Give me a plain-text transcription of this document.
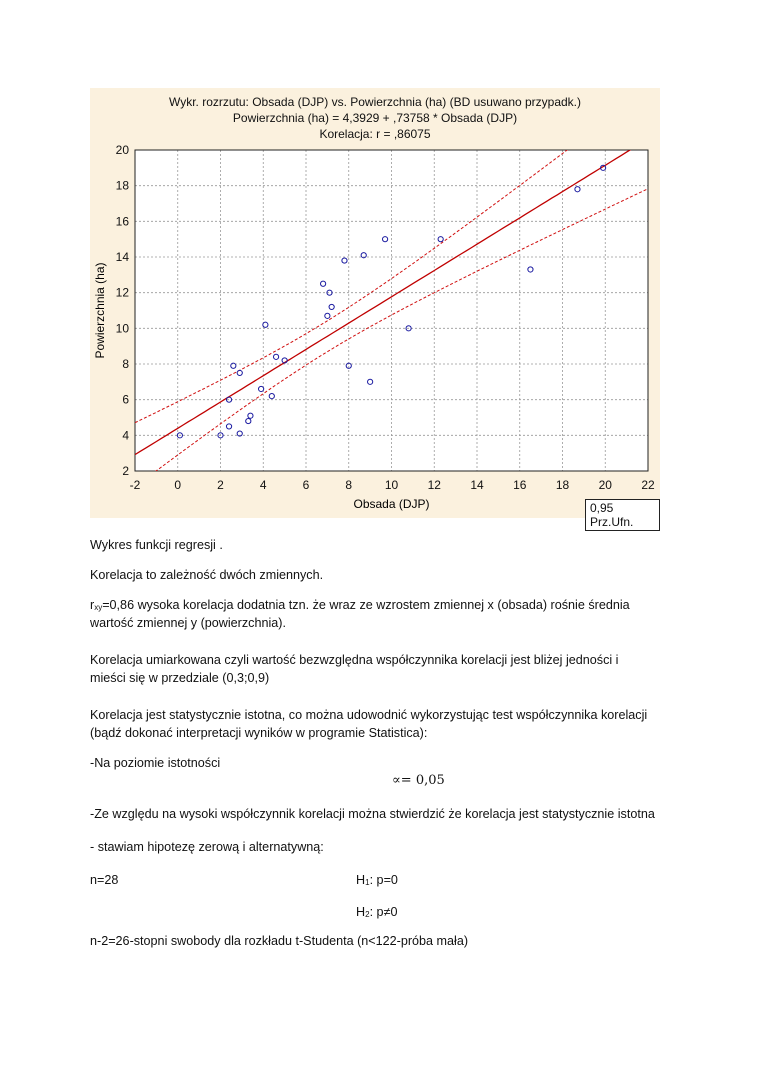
Wykr. rozrzutu: Obsada (DJP) vs. Powierzchnia (ha) (BD usuwano przypadk.)
Powierzchnia (ha) = 4,3929 + ,73758 * Obsada (DJP)
Korelacja: r = ,86075
-2	0	2	4	6	8	10 12 14 16 18 20 22
2
4
6
8
10
12
14
16
18
20
Obsada (DJP)
Powierzchnia (ha)
0,95 Prz.Ufn.
Wykres funkcji regresji .
Korelacja to zależność dwóch zmiennych.
$r_{xy}=0,86$ wysoka korelacja dodatnia tzn. że wraz ze wzrostem zmiennej x (obsada) rośnie średnia
wartość zmiennej y (powierzchnia).
Korelacja umiarkowana czyli wartość bezwzględna współczynnika korelacji jest bliżej jedności i
mieści się w przedziale (0,3;0,9)
Korelacja jest statystycznie istotna, co można udowodnić wykorzystując test współczynnika korelacji
(bądź dokonać interpretacji wyników w programie Statistica):
-Na poziomie istotności
∝= 0,05
-Ze względu na wysoki współczynnik korelacji można stwierdzić że korelacja jest statystycznie istotna
- stawiam hipotezę zerową i alternatywną:
n=28	$H_1$: p=0
$H_2$: p≠0
n-2=26-stopni swobody dla rozkładu t-Studenta (n<122-próba mała)
